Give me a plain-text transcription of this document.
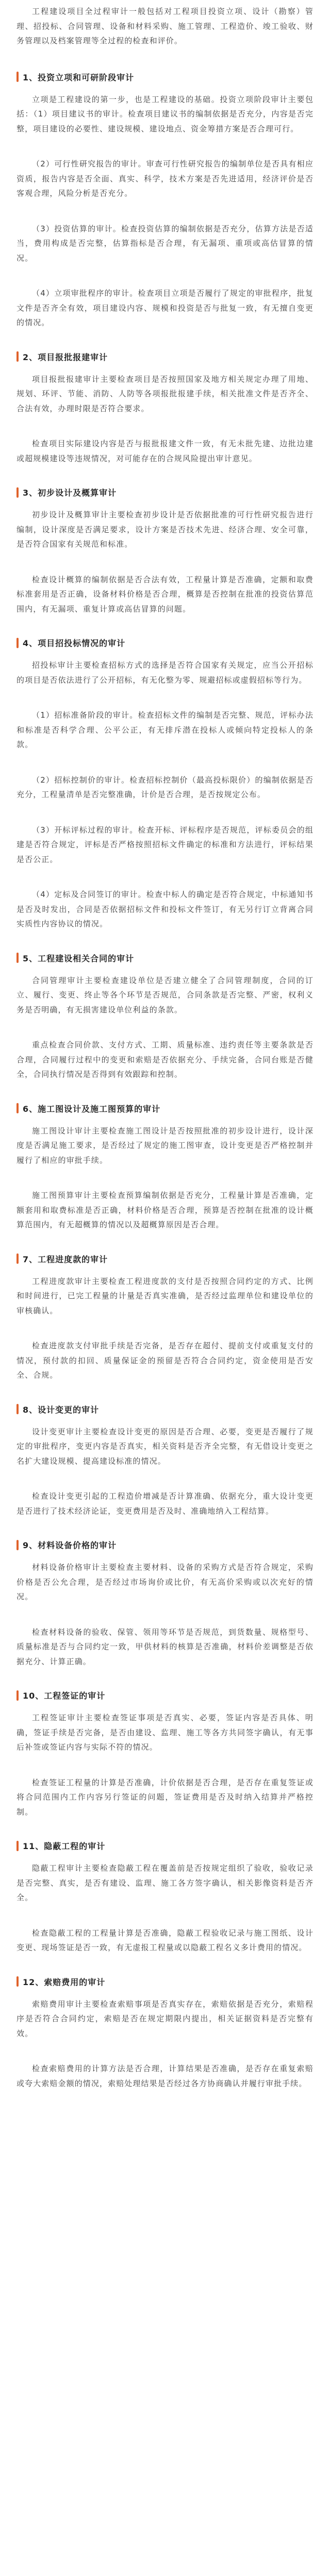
工程建设项目全过程审计一般包括对工程项目投资立项、设计（勘察）管理、招投标、合同管理、设备和材料采购、施工管理、工程造价、竣工验收、财务管理以及档案管理等全过程的检查和评价。

1、投资立项和可研阶段审计

立项是工程建设的第一步，也是工程建设的基础。投资立项阶段审计主要包括：（1）项目建议书的审计。检查项目建议书的编制依据是否充分，内容是否完整，项目建设的必要性、建设规模、建设地点、资金筹措方案是否合理可行。

（2）可行性研究报告的审计。审查可行性研究报告的编制单位是否具有相应资质，报告内容是否全面、真实、科学，技术方案是否先进适用，经济评价是否客观合理，风险分析是否充分。

（3）投资估算的审计。检查投资估算的编制依据是否充分，估算方法是否适当，费用构成是否完整，估算指标是否合理，有无漏项、重项或高估冒算的情况。

（4）立项审批程序的审计。检查项目立项是否履行了规定的审批程序，批复文件是否齐全有效，项目建设内容、规模和投资是否与批复一致，有无擅自变更的情况。

2、项目报批报建审计

项目报批报建审计主要检查项目是否按照国家及地方相关规定办理了用地、规划、环评、节能、消防、人防等各项报批报建手续，相关批准文件是否齐全、合法有效，办理时限是否符合要求。

检查项目实际建设内容是否与报批报建文件一致，有无未批先建、边批边建或超规模建设等违规情况，对可能存在的合规风险提出审计意见。

3、初步设计及概算审计

初步设计及概算审计主要检查初步设计是否依据批准的可行性研究报告进行编制，设计深度是否满足要求，设计方案是否技术先进、经济合理、安全可靠，是否符合国家有关规范和标准。

检查设计概算的编制依据是否合法有效，工程量计算是否准确，定额和取费标准套用是否正确，设备材料价格是否合理，概算是否控制在批准的投资估算范围内，有无漏项、重复计算或高估冒算的问题。

4、项目招投标情况的审计

招投标审计主要检查招标方式的选择是否符合国家有关规定，应当公开招标的项目是否依法进行了公开招标，有无化整为零、规避招标或虚假招标等行为。

（1）招标准备阶段的审计。检查招标文件的编制是否完整、规范，评标办法和标准是否科学合理、公平公正，有无排斥潜在投标人或倾向特定投标人的条款。

（2）招标控制价的审计。检查招标控制价（最高投标限价）的编制依据是否充分，工程量清单是否完整准确，计价是否合理，是否按规定公布。

（3）开标评标过程的审计。检查开标、评标程序是否规范，评标委员会的组建是否符合规定，评标是否严格按照招标文件确定的标准和方法进行，评标结果是否公正。

（4）定标及合同签订的审计。检查中标人的确定是否符合规定，中标通知书是否及时发出，合同是否依据招标文件和投标文件签订，有无另行订立背离合同实质性内容协议的情况。

5、工程建设相关合同的审计

合同管理审计主要检查建设单位是否建立健全了合同管理制度，合同的订立、履行、变更、终止等各个环节是否规范，合同条款是否完整、严密，权利义务是否明确，有无损害建设单位利益的条款。

重点检查合同价款、支付方式、工期、质量标准、违约责任等主要条款是否合理，合同履行过程中的变更和索赔是否依据充分、手续完备，合同台账是否健全，合同执行情况是否得到有效跟踪和控制。

6、施工图设计及施工图预算的审计

施工图设计审计主要检查施工图设计是否按照批准的初步设计进行，设计深度是否满足施工要求，是否经过了规定的施工图审查，设计变更是否严格控制并履行了相应的审批手续。

施工图预算审计主要检查预算编制依据是否充分，工程量计算是否准确，定额套用和取费标准是否正确，材料价格是否合理，预算是否控制在批准的设计概算范围内，有无超概算的情况以及超概算原因是否合理。

7、工程进度款的审计

工程进度款审计主要检查工程进度款的支付是否按照合同约定的方式、比例和时间进行，已完工程量的计量是否真实准确，是否经过监理单位和建设单位的审核确认。

检查进度款支付审批手续是否完备，是否存在超付、提前支付或重复支付的情况，预付款的扣回、质量保证金的预留是否符合合同约定，资金使用是否安全、合规。

8、设计变更的审计

设计变更审计主要检查设计变更的原因是否合理、必要，变更是否履行了规定的审批程序，变更内容是否真实，相关资料是否齐全完整，有无借设计变更之名扩大建设规模、提高建设标准的情况。

检查设计变更引起的工程造价增减是否计算准确、依据充分，重大设计变更是否进行了技术经济论证，变更费用是否及时、准确地纳入工程结算。

9、材料设备价格的审计

材料设备价格审计主要检查主要材料、设备的采购方式是否符合规定，采购价格是否公允合理，是否经过市场询价或比价，有无高价采购或以次充好的情况。

检查材料设备的验收、保管、领用等环节是否规范，到货数量、规格型号、质量标准是否与合同约定一致，甲供材料的核算是否准确，材料价差调整是否依据充分、计算正确。

10、工程签证的审计

工程签证审计主要检查签证事项是否真实、必要，签证内容是否具体、明确，签证手续是否完备，是否由建设、监理、施工等各方共同签字确认，有无事后补签或签证内容与实际不符的情况。

检查签证工程量的计算是否准确，计价依据是否合理，是否存在重复签证或将合同范围内工作内容另行签证的问题，签证费用是否及时纳入结算并严格控制。

11、隐蔽工程的审计

隐蔽工程审计主要检查隐蔽工程在覆盖前是否按规定组织了验收，验收记录是否完整、真实，是否有建设、监理、施工各方签字确认，相关影像资料是否齐全。

检查隐蔽工程的工程量计算是否准确，隐蔽工程验收记录与施工图纸、设计变更、现场签证是否一致，有无虚报工程量或以隐蔽工程名义多计费用的情况。

12、索赔费用的审计

索赔费用审计主要检查索赔事项是否真实存在，索赔依据是否充分，索赔程序是否符合合同约定，索赔是否在规定期限内提出，相关证据资料是否完整有效。

检查索赔费用的计算方法是否合理，计算结果是否准确，是否存在重复索赔或夸大索赔金额的情况，索赔处理结果是否经过各方协商确认并履行审批手续。
